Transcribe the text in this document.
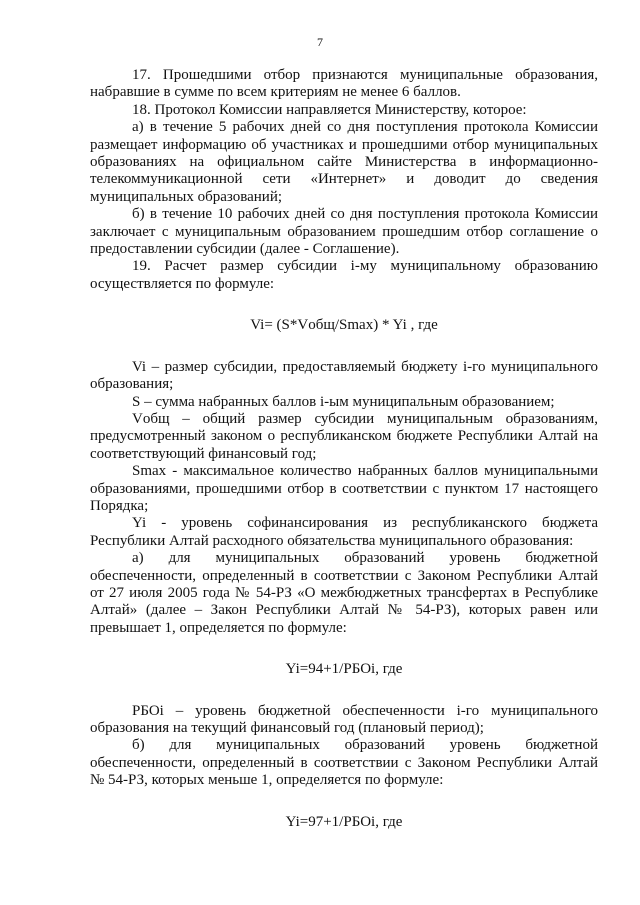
7

17. Прошедшими отбор признаются муниципальные образования, набравшие в сумме по всем критериям не менее 6 баллов.

18. Протокол Комиссии направляется Министерству, которое:

а) в течение 5 рабочих дней со дня поступления протокола Комиссии размещает информацию об участниках и прошедшими отбор муниципальных образованиях на официальном сайте Министерства в информационно-телекоммуникационной сети «Интернет» и доводит до сведения муниципальных образований;

б) в течение 10 рабочих дней со дня поступления протокола Комиссии заключает с муниципальным образованием прошедшим отбор соглашение о предоставлении субсидии (далее - Соглашение).

19. Расчет размер субсидии i-му муниципальному образованию осуществляется по формуле:

Vi= (S*Vобщ/Smax) * Yi , где

Vi – размер субсидии, предоставляемый бюджету i-го муниципального образования;

S – сумма набранных баллов i-ым муниципальным образованием;

Vобщ – общий размер субсидии муниципальным образованиям, предусмотренный законом о республиканском бюджете Республики Алтай на соответствующий финансовый год;

Smax - максимальное количество набранных баллов муниципальными образованиями, прошедшими отбор в соответствии с пунктом 17 настоящего Порядка;

Yi - уровень софинансирования из республиканского бюджета Республики Алтай расходного обязательства муниципального образования:

а) для муниципальных образований уровень бюджетной обеспеченности, определенный в соответствии с Законом Республики Алтай от 27 июля 2005 года № 54-РЗ «О межбюджетных трансфертах в Республике Алтай» (далее – Закон Республики Алтай № 54-РЗ), которых равен или превышает 1, определяется по формуле:

Yi=94+1/РБОi, где

РБОi – уровень бюджетной обеспеченности i-го муниципального образования на текущий финансовый год (плановый период);

б) для муниципальных образований уровень бюджетной обеспеченности, определенный в соответствии с Законом Республики Алтай № 54-РЗ, которых меньше 1, определяется по формуле:

Yi=97+1/РБОi, где
